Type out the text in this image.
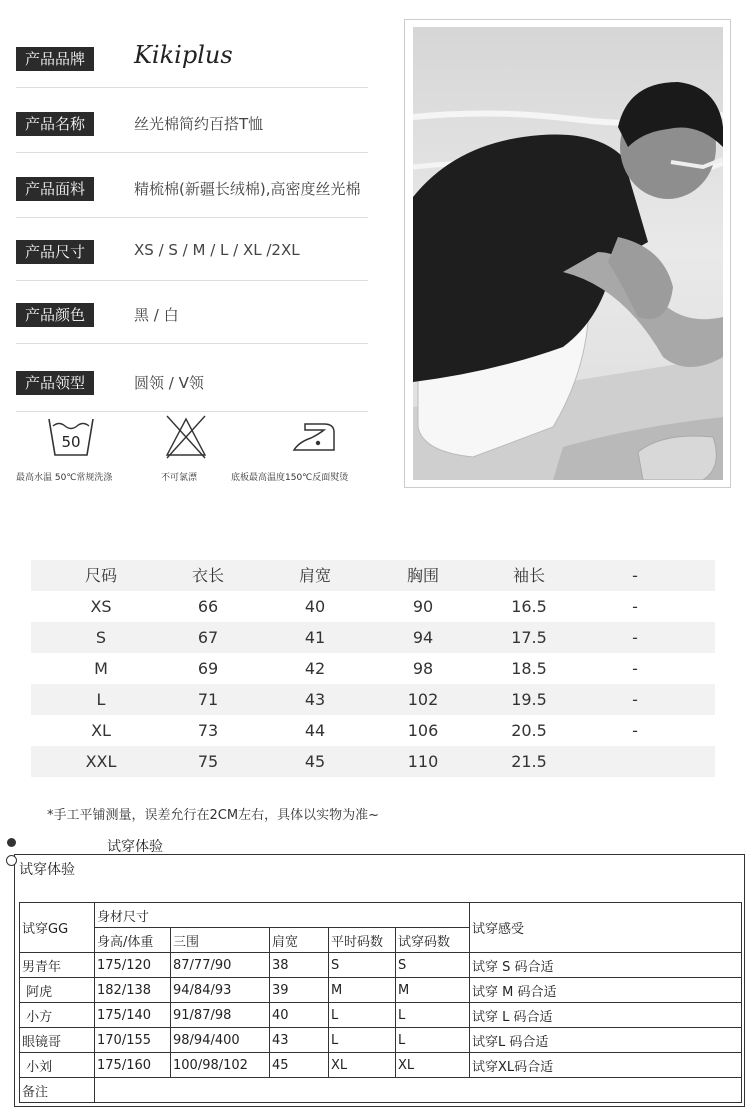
产品品牌	Kikiplus
产品名称	丝光棉简约百搭T恤
产品面料	精梳棉(新疆长绒棉),高密度丝光棉
产品尺寸	XS / S / M / L / XL /2XL
产品颜色	黑 / 白
产品领型	圆领 / V领
50
最高水温 50℃常规洗涤	不可氯漂	底板最高温度150℃反面熨烫
尺码	衣长	肩宽	胸围	袖长	-
XS	66	40	90	16.5	-
S	67	41	94	17.5	-
M	69	42	98	18.5	-
L	71	43	102	19.5	-
XL	73	44	106	20.5	-
XXL	75	45	110	21.5
*手工平铺测量，误差允行在2CM左右，具体以实物为准~
试穿体验
试穿体验
试穿GG	身材尺寸					试穿感受
	身高/体重	三围	肩宽	平时码数	试穿码数	
男青年	175/120	87/77/90	38	S	S	试穿 S 码合适
阿虎	182/138	94/84/93	39	M	M	试穿 M 码合适
小方	175/140	91/87/98	40	L	L	试穿 L 码合适
眼镜哥	170/155	98/94/400	43	L	L	试穿L 码合适
小刘	175/160	100/98/102	45	XL	XL	试穿XL码合适
备注						
